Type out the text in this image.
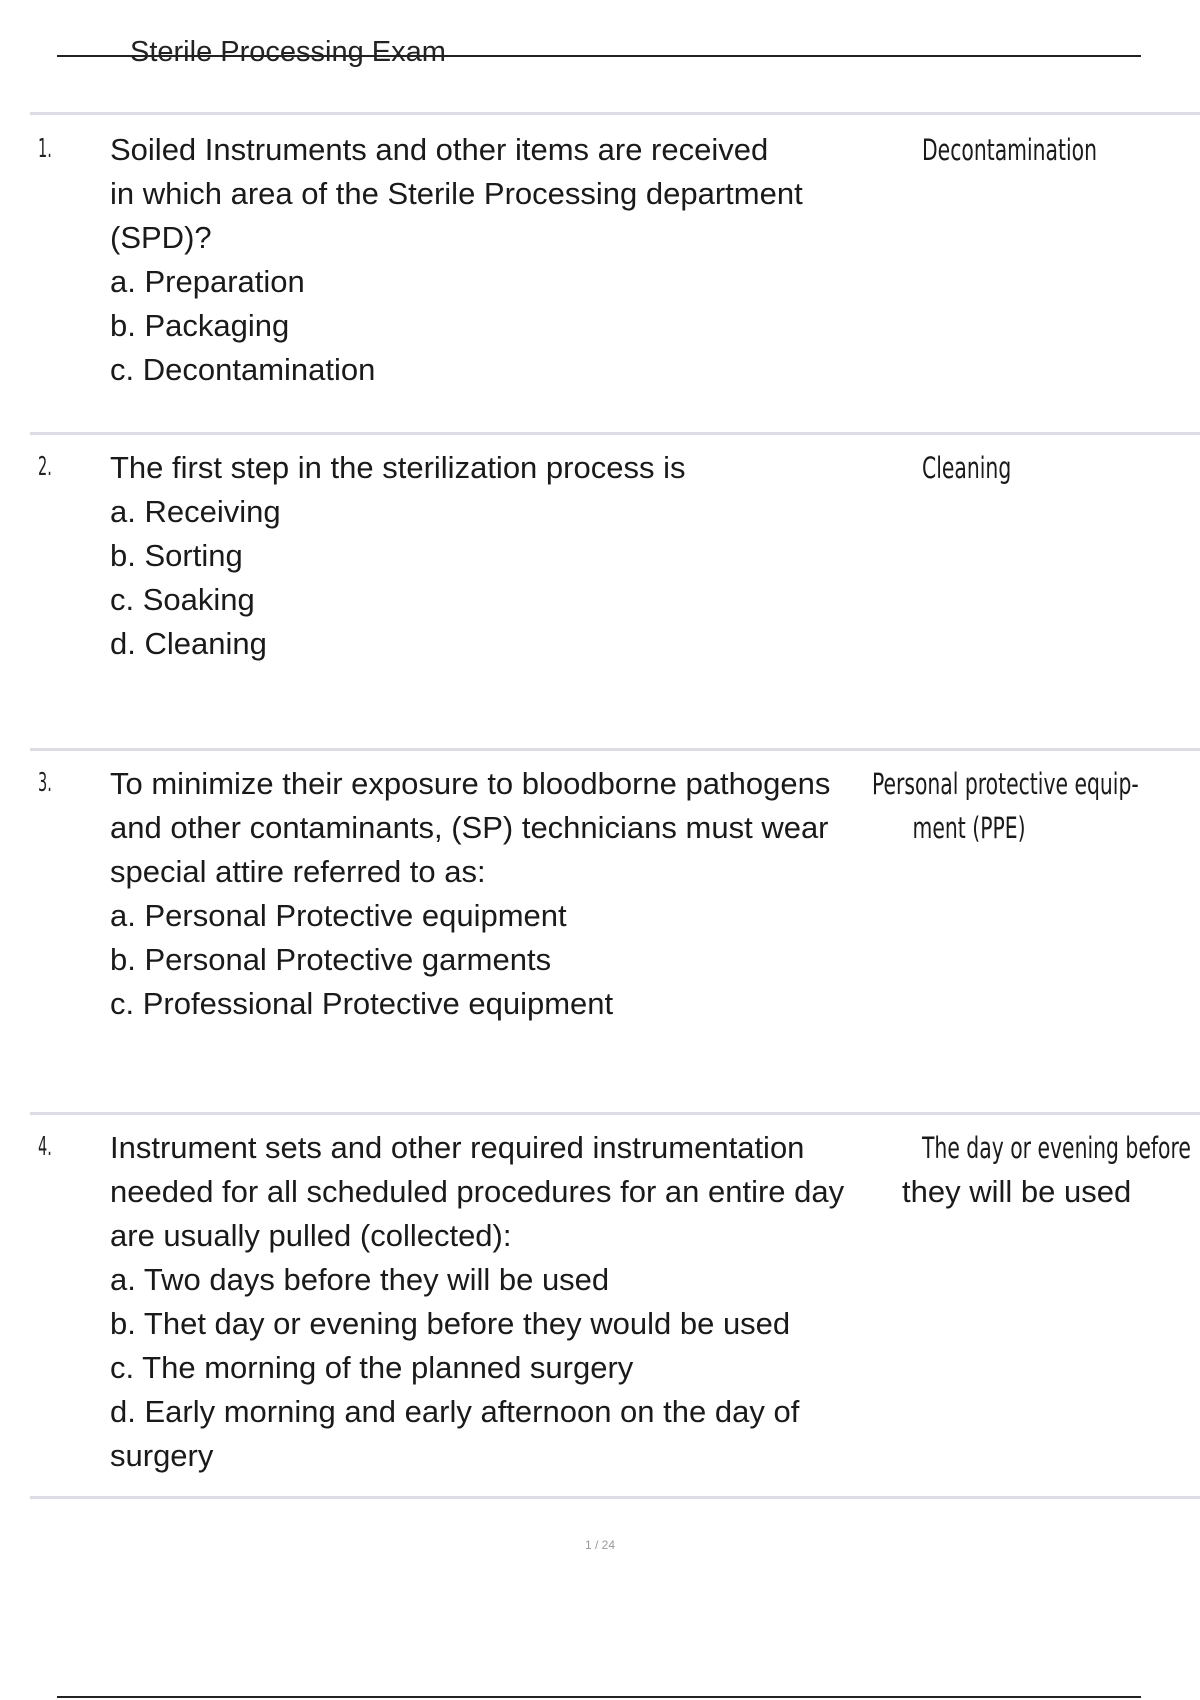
Sterile Processing Exam
1. Soiled Instruments and other items are received
in which area of the Sterile Processing department
(SPD)?
a. Preparation
b. Packaging
c. Decontamination
Decontamination
2. The first step in the sterilization process is
a. Receiving
b. Sorting
c. Soaking
d. Cleaning
Cleaning
3. To minimize their exposure to bloodborne pathogens
and other contaminants, (SP) technicians must wear
special attire referred to as:
a. Personal Protective equipment
b. Personal Protective garments
c. Professional Protective equipment
Personal protective equip-
ment (PPE)
4. Instrument sets and other required instrumentation
needed for all scheduled procedures for an entire day
are usually pulled (collected):
a. Two days before they will be used
b. Thet day or evening before they would be used
c. The morning of the planned surgery
d. Early morning and early afternoon on the day of
surgery
The day or evening before
they will be used
1 / 24
